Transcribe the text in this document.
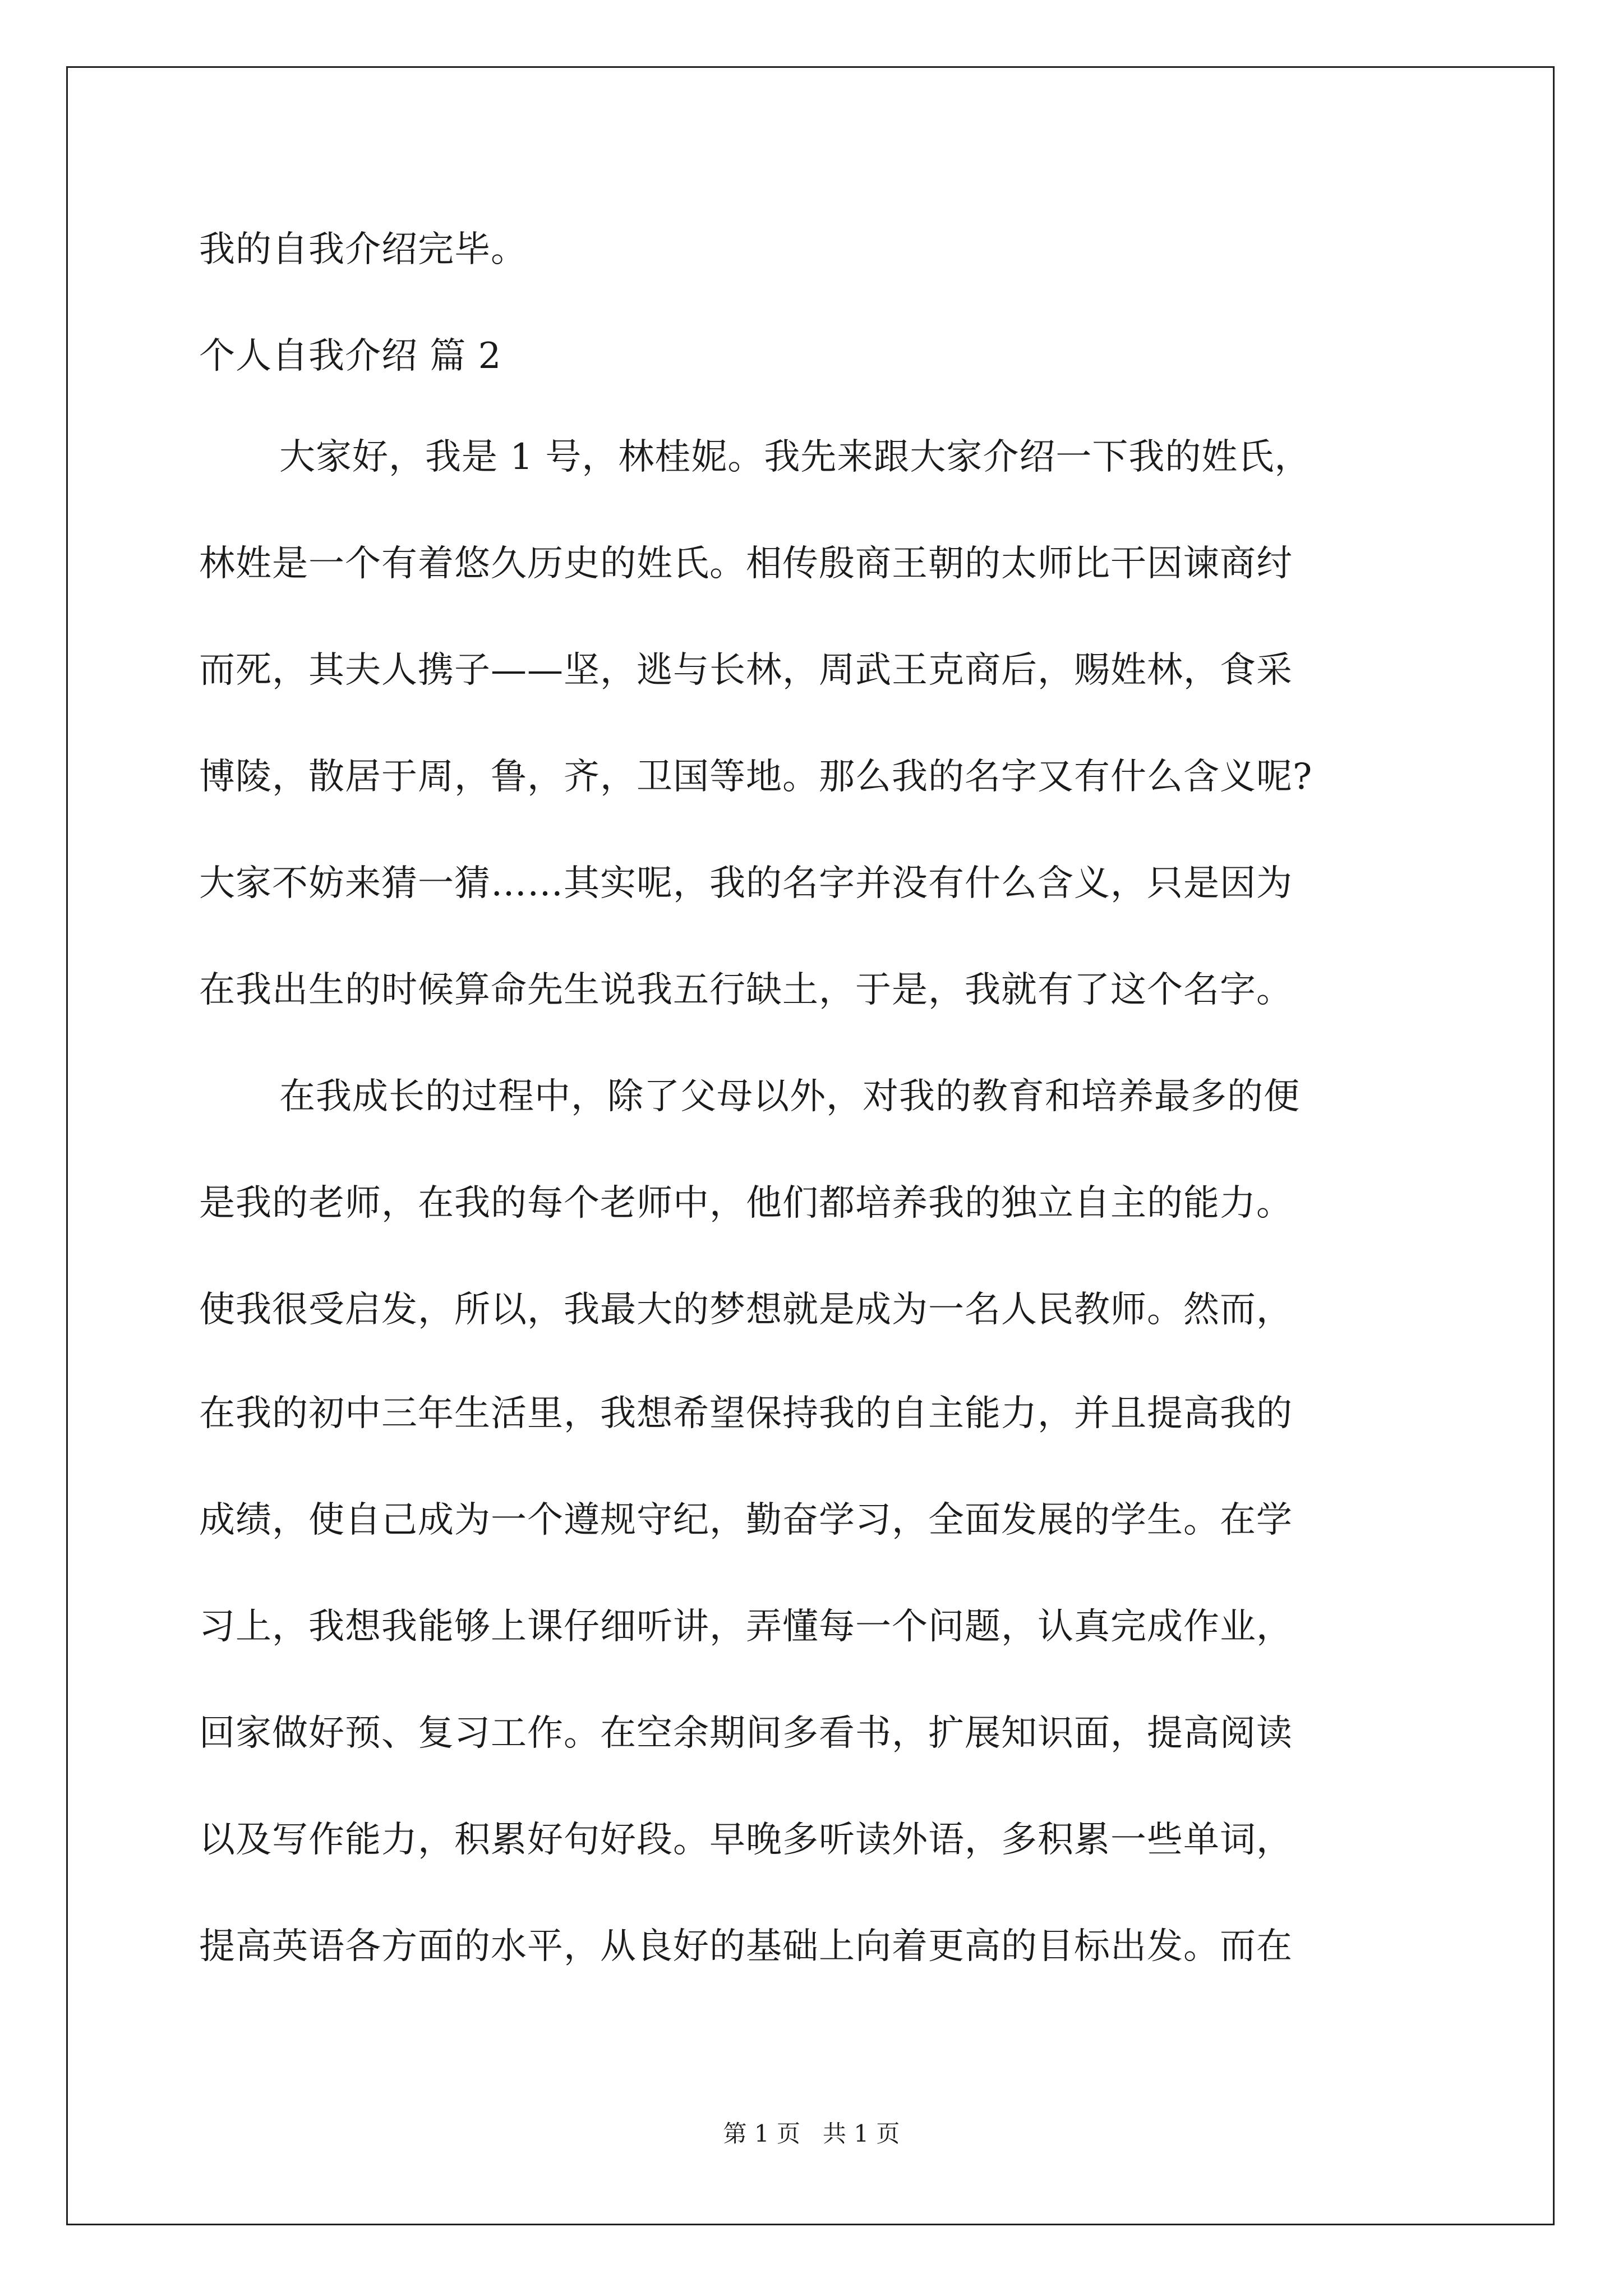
我的自我介绍完毕。
个人自我介绍 篇 2
大家好，我是 1 号，林桂妮。我先来跟大家介绍一下我的姓氏，
林姓是一个有着悠久历史的姓氏。相传殷商王朝的太师比干因谏商纣
而死，其夫人携子——坚，逃与长林，周武王克商后，赐姓林，食采
博陵，散居于周，鲁，齐，卫国等地。那么我的名字又有什么含义呢?
大家不妨来猜一猜……其实呢，我的名字并没有什么含义，只是因为
在我出生的时候算命先生说我五行缺土，于是，我就有了这个名字。
在我成长的过程中，除了父母以外，对我的教育和培养最多的便
是我的老师，在我的每个老师中，他们都培养我的独立自主的能力。
使我很受启发，所以，我最大的梦想就是成为一名人民教师。然而，
在我的初中三年生活里，我想希望保持我的自主能力，并且提高我的
成绩，使自己成为一个遵规守纪，勤奋学习，全面发展的学生。在学
习上，我想我能够上课仔细听讲，弄懂每一个问题，认真完成作业，
回家做好预、复习工作。在空余期间多看书，扩展知识面，提高阅读
以及写作能力，积累好句好段。早晚多听读外语，多积累一些单词，
提高英语各方面的水平，从良好的基础上向着更高的目标出发。而在
第 1 页 共 1 页
